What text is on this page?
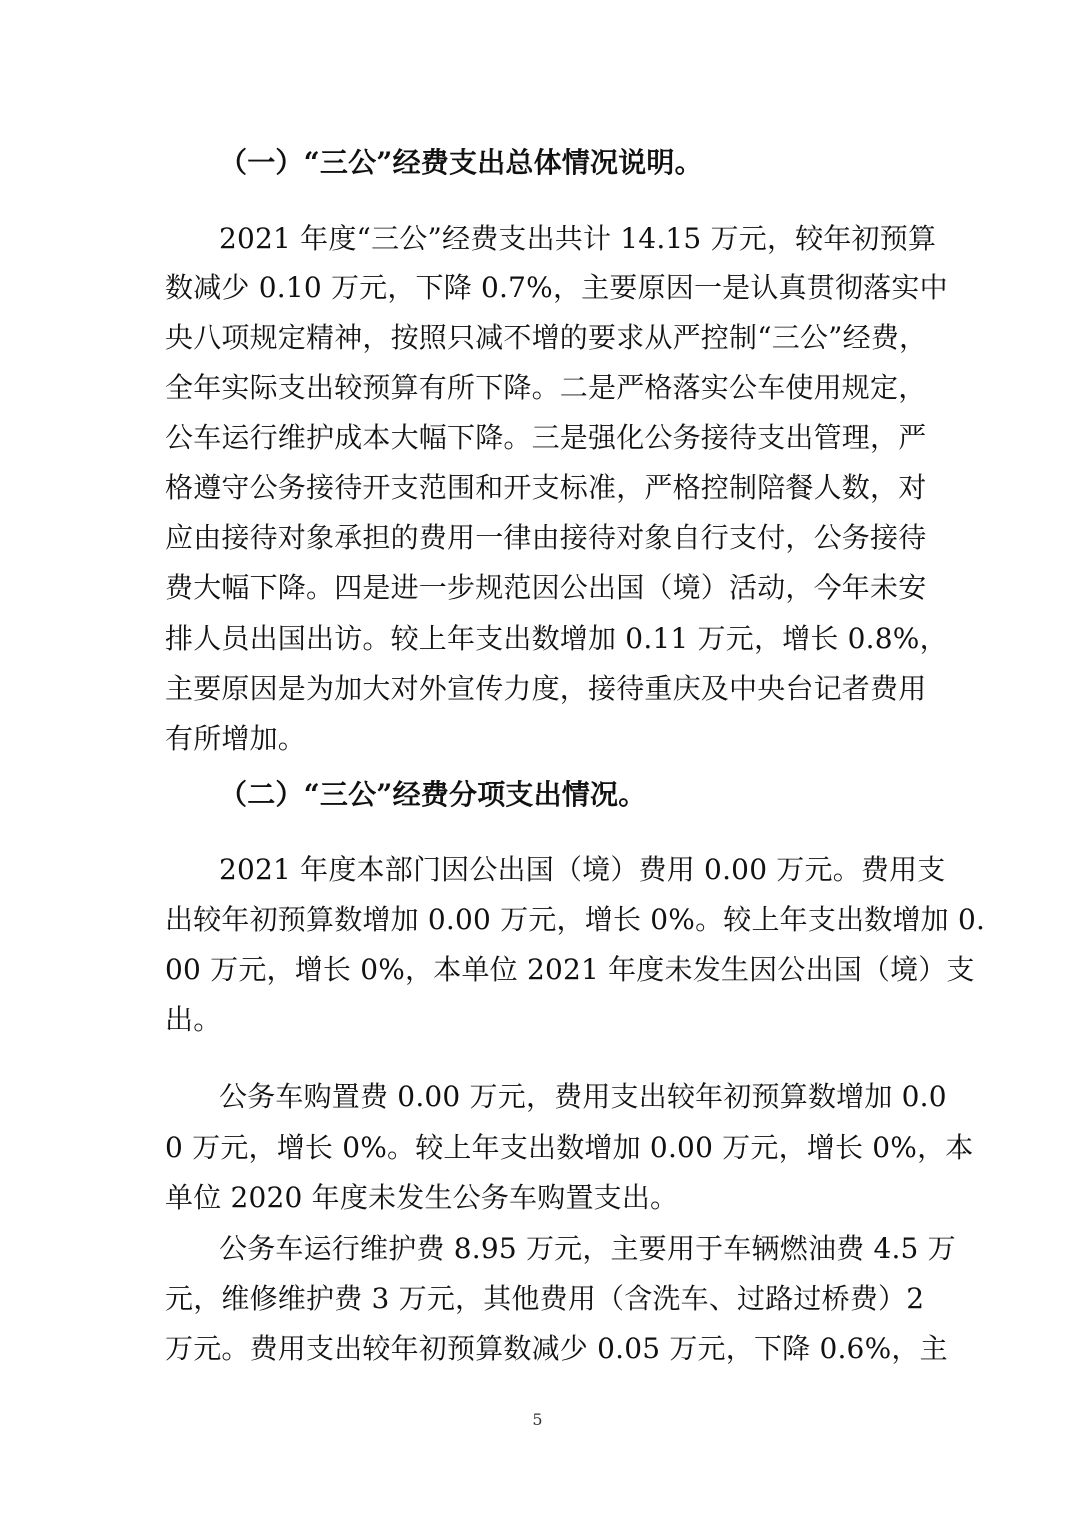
（一）“三公”经费支出总体情况说明。
2021 年度“三公”经费支出共计 14.15 万元，较年初预算
数减少 0.10 万元，下降 0.7%，主要原因一是认真贯彻落实中
央八项规定精神，按照只减不增的要求从严控制“三公”经费，
全年实际支出较预算有所下降。二是严格落实公车使用规定，
公车运行维护成本大幅下降。三是强化公务接待支出管理，严
格遵守公务接待开支范围和开支标准，严格控制陪餐人数，对
应由接待对象承担的费用一律由接待对象自行支付，公务接待
费大幅下降。四是进一步规范因公出国（境）活动，今年未安
排人员出国出访。较上年支出数增加 0.11 万元，增长 0.8%，
主要原因是为加大对外宣传力度，接待重庆及中央台记者费用
有所增加。
（二）“三公”经费分项支出情况。
2021 年度本部门因公出国（境）费用 0.00 万元。费用支
出较年初预算数增加 0.00 万元，增长 0%。较上年支出数增加 0.
00 万元，增长 0%，本单位 2021 年度未发生因公出国（境）支
出。
公务车购置费 0.00 万元，费用支出较年初预算数增加 0.0
0 万元，增长 0%。较上年支出数增加 0.00 万元，增长 0%，本
单位 2020 年度未发生公务车购置支出。
公务车运行维护费 8.95 万元，主要用于车辆燃油费 4.5 万
元，维修维护费 3 万元，其他费用（含洗车、过路过桥费）2
万元。费用支出较年初预算数减少 0.05 万元，下降 0.6%，主
5
